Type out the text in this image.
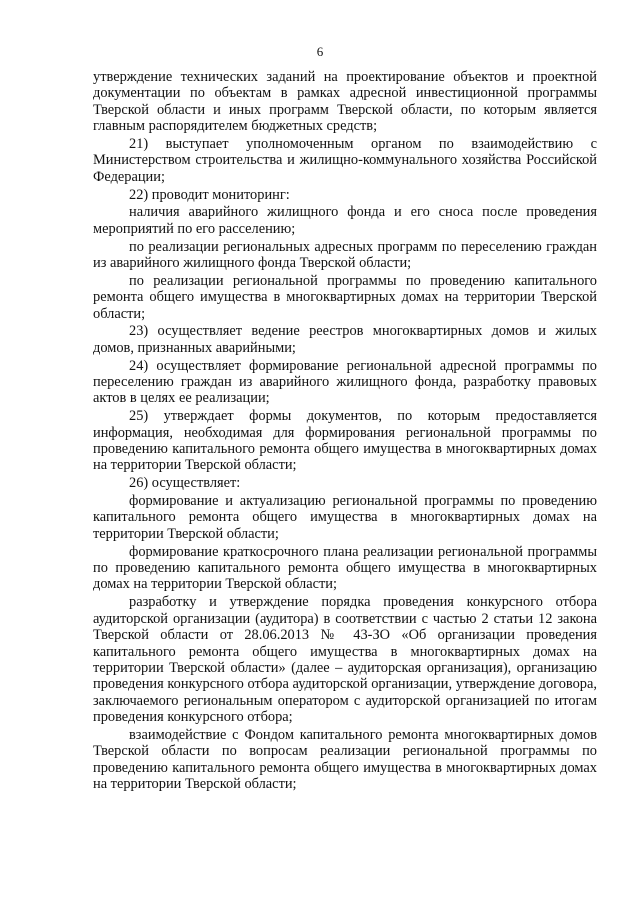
6

утверждение технических заданий на проектирование объектов и проектной документации по объектам в рамках адресной инвестиционной программы Тверской области и иных программ Тверской области, по которым является главным распорядителем бюджетных средств;

21) выступает уполномоченным органом по взаимодействию с Министерством строительства и жилищно-коммунального хозяйства Российской Федерации;

22) проводит мониторинг:

наличия аварийного жилищного фонда и его сноса после проведения мероприятий по его расселению;

по реализации региональных адресных программ по переселению граждан из аварийного жилищного фонда Тверской области;

по реализации региональной программы по проведению капитального ремонта общего имущества в многоквартирных домах на территории Тверской области;

23) осуществляет ведение реестров многоквартирных домов и жилых домов, признанных аварийными;

24) осуществляет формирование региональной адресной программы по переселению граждан из аварийного жилищного фонда, разработку правовых актов в целях ее реализации;

25) утверждает формы документов, по которым предоставляется информация, необходимая для формирования региональной программы по проведению капитального ремонта общего имущества в многоквартирных домах на территории Тверской области;

26) осуществляет:

формирование и актуализацию региональной программы по проведению капитального ремонта общего имущества в многоквартирных домах на территории Тверской области;

формирование краткосрочного плана реализации региональной программы по проведению капитального ремонта общего имущества в многоквартирных домах на территории Тверской области;

разработку и утверждение порядка проведения конкурсного отбора аудиторской организации (аудитора) в соответствии с частью 2 статьи 12 закона Тверской области от 28.06.2013 № 43-ЗО «Об организации проведения капитального ремонта общего имущества в многоквартирных домах на территории Тверской области» (далее – аудиторская организация), организацию проведения конкурсного отбора аудиторской организации, утверждение договора, заключаемого региональным оператором с аудиторской организацией по итогам проведения конкурсного отбора;

взаимодействие с Фондом капитального ремонта многоквартирных домов Тверской области по вопросам реализации региональной программы по проведению капитального ремонта общего имущества в многоквартирных домах на территории Тверской области;
